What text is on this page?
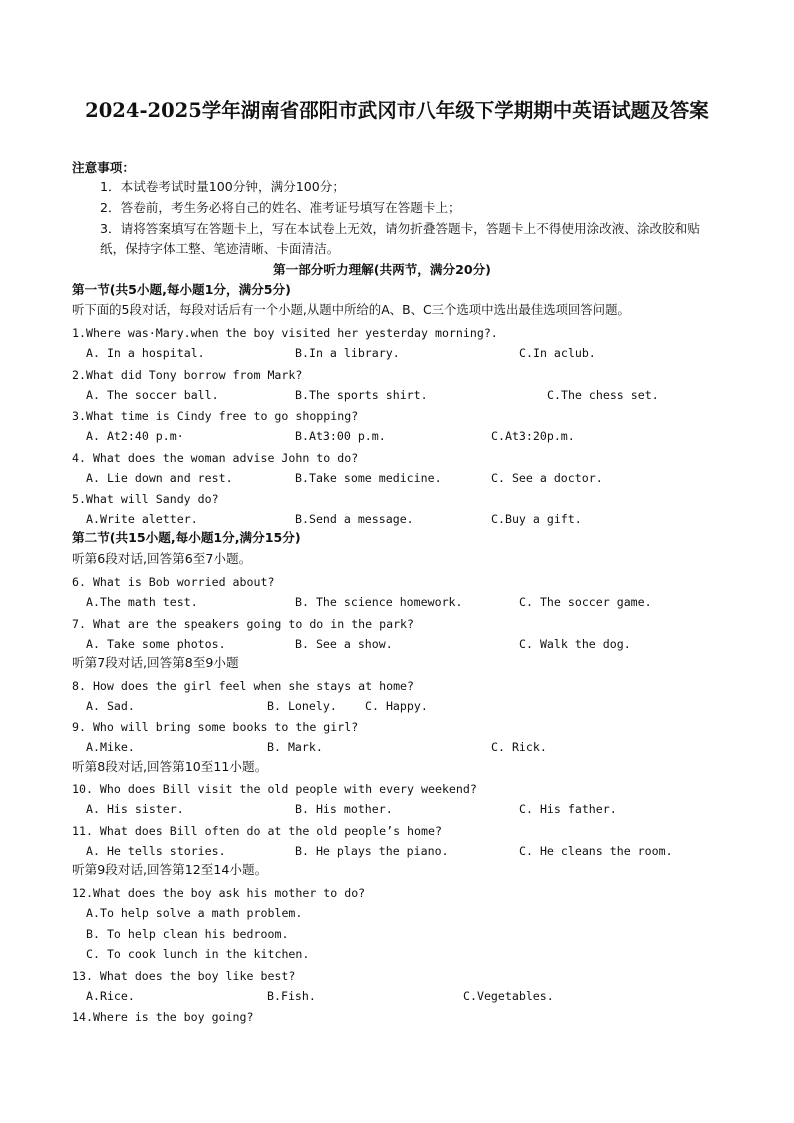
2024-2025学年湖南省邵阳市武冈市八年级下学期期中英语试题及答案
注意事项：
1．本试卷考试时量100分钟，满分100分；
2．答卷前，考生务必将自己的姓名、准考证号填写在答题卡上；
3．请将答案填写在答题卡上，写在本试卷上无效，请勿折叠答题卡，答题卡上不得使用涂改液、涂改胶和贴纸，保持字体工整、笔迹清晰、卡面清洁。
第一部分听力理解(共两节，满分20分)
第一节(共5小题,每小题1分，满分5分)
听下面的5段对话，每段对话后有一个小题,从题中所给的A、B、C三个选项中选出最佳选项回答问题。
1.Where was·Mary.when the boy visited her yesterday morning?.
A. In a hospital.	B.In a library.	C.In aclub.
2.What did Tony borrow from Mark?
A. The soccer ball.	B.The sports shirt.	C.The chess set.
3.What time is Cindy free to go shopping?
A. At2:40 p.m·	B.At3:00 p.m.	C.At3:20p.m.
4. What does the woman advise John to do?
A. Lie down and rest.	B.Take some medicine.	C. See a doctor.
5.What will Sandy do?
A.Write aletter.	B.Send a message.	C.Buy a gift.
第二节(共15小题,每小题1分,满分15分)
听第6段对话,回答第6至7小题。
6. What is Bob worried about?
A.The math test.	B. The science homework.	C. The soccer game.
7. What are the speakers going to do in the park?
A. Take some photos.	B. See a show.	C. Walk the dog.
听第7段对话,回答第8至9小题
8. How does the girl feel when she stays at home?
A. Sad.	B. Lonely. C. Happy.
9. Who will bring some books to the girl?
A.Mike.	B. Mark.	C. Rick.
听第8段对话,回答第10至11小题。
10. Who does Bill visit the old people with every weekend?
A. His sister.	B. His mother.	C. His father.
11. What does Bill often do at the old people’s home?
A. He tells stories.	B. He plays the piano.	C. He cleans the room.
听第9段对话,回答第12至14小题。
12.What does the boy ask his mother to do?
A.To help solve a math problem.
B. To help clean his bedroom.
C. To cook lunch in the kitchen.
13. What does the boy like best?
A.Rice.	B.Fish.	C.Vegetables.
14.Where is the boy going?
